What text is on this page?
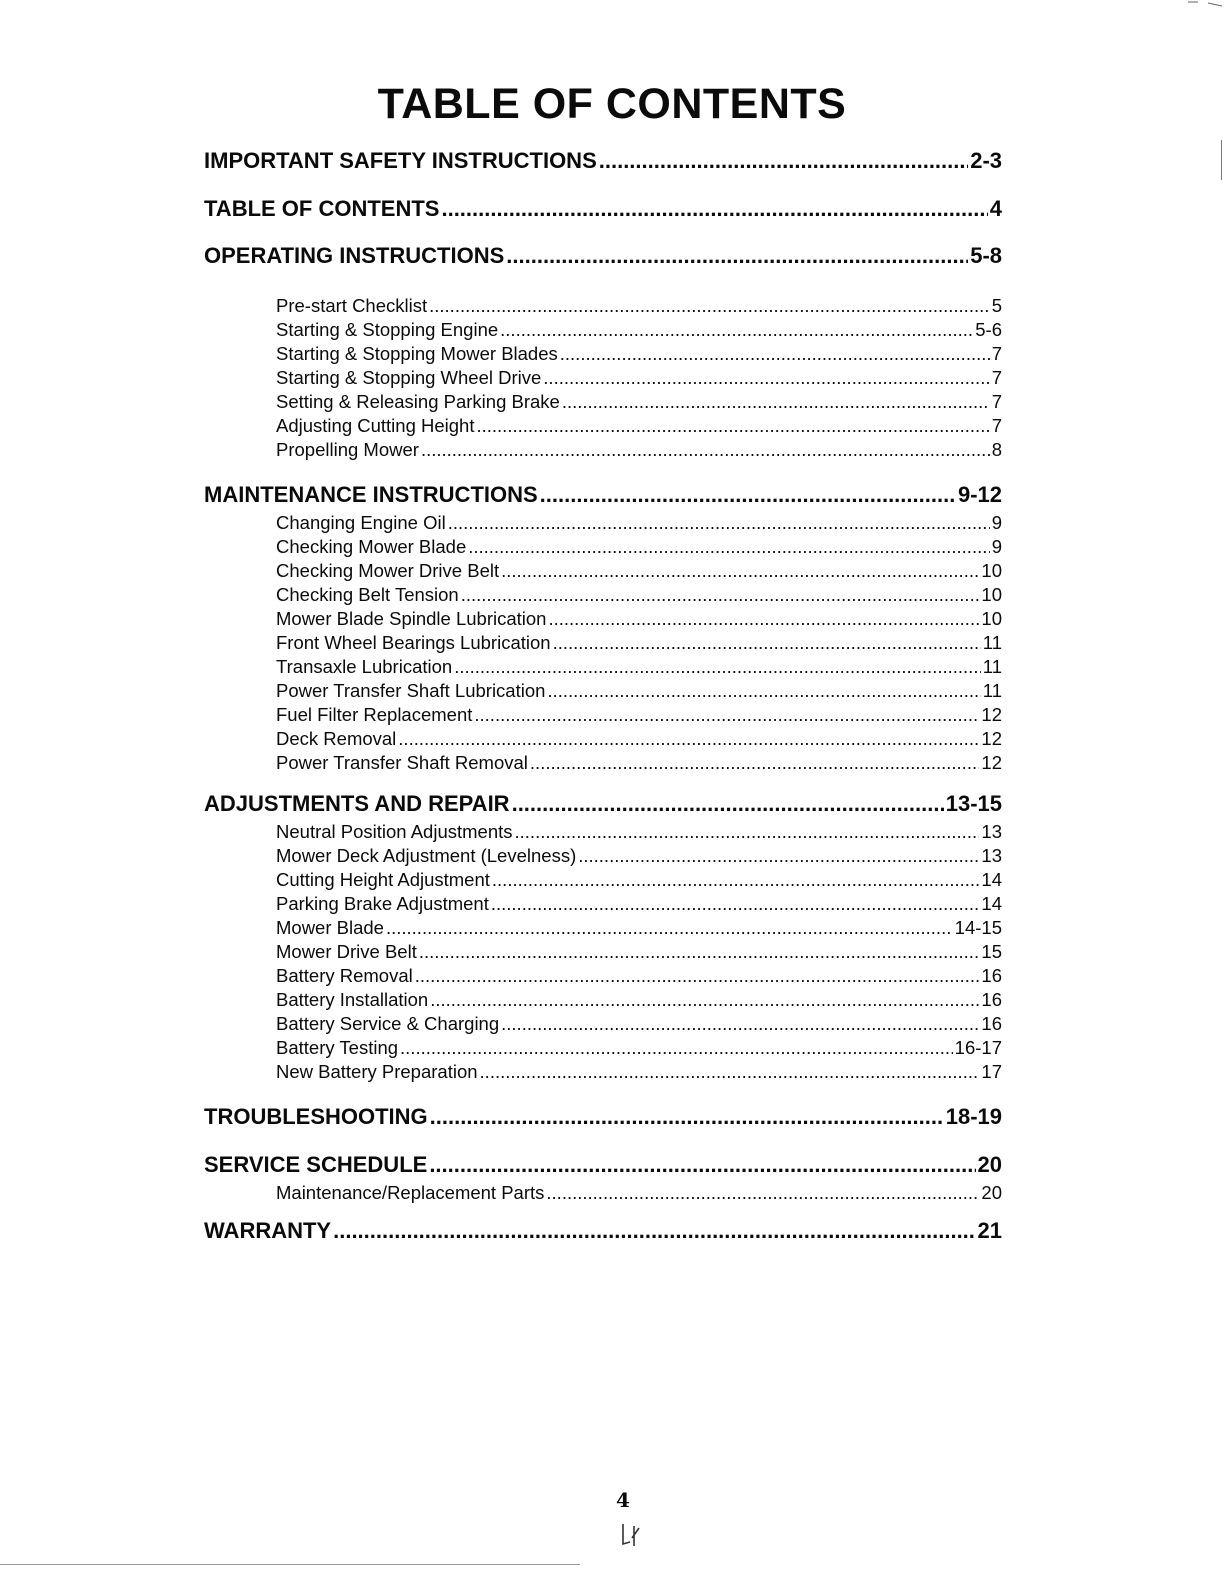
TABLE OF CONTENTS
IMPORTANT SAFETY INSTRUCTIONS .....	2-3
TABLE OF CONTENTS .....	4
OPERATING INSTRUCTIONS .....	5-8
Pre-start Checklist .....	5
Starting & Stopping Engine .....	5-6
Starting & Stopping Mower Blades .....	7
Starting & Stopping Wheel Drive .....	7
Setting & Releasing Parking Brake .....	7
Adjusting Cutting Height .....	7
Propelling Mower .....	8
MAINTENANCE INSTRUCTIONS .....	9-12
Changing Engine Oil .....	9
Checking Mower Blade .....	9
Checking Mower Drive Belt .....	10
Checking Belt Tension .....	10
Mower Blade Spindle Lubrication .....	10
Front Wheel Bearings Lubrication .....	11
Transaxle Lubrication .....	11
Power Transfer Shaft Lubrication .....	11
Fuel Filter Replacement .....	12
Deck Removal .....	12
Power Transfer Shaft Removal .....	12
ADJUSTMENTS AND REPAIR .....	13-15
Neutral Position Adjustments .....	13
Mower Deck Adjustment (Levelness) .....	13
Cutting Height Adjustment .....	14
Parking Brake Adjustment .....	14
Mower Blade .....	14-15
Mower Drive Belt .....	15
Battery Removal .....	16
Battery Installation .....	16
Battery Service & Charging .....	16
Battery Testing .....	16-17
New Battery Preparation .....	17
TROUBLESHOOTING .....	18-19
SERVICE SCHEDULE .....	20
Maintenance/Replacement Parts .....	20
WARRANTY .....	21
4
